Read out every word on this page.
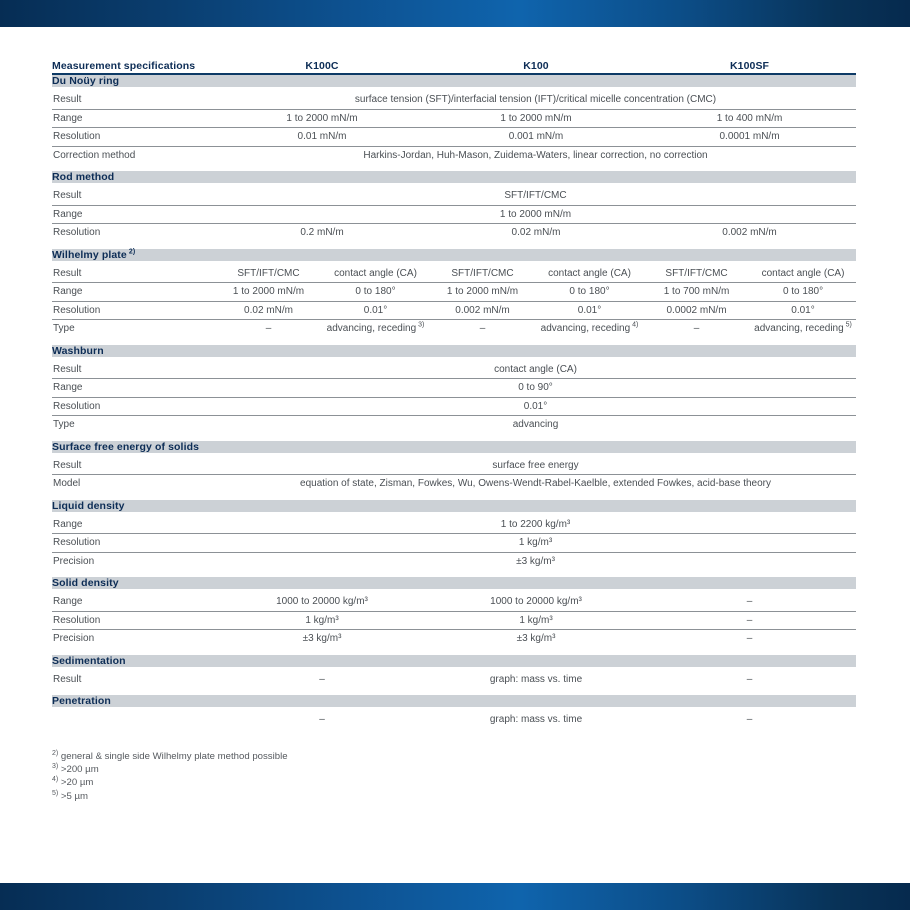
Measurement specifications	K100C		K100		K100SF	

Du Noüy ring						

Result	surface tension (SFT)/interfacial tension (IFT)/critical micelle concentration (CMC)					
Range	1 to 2000 mN/m		1 to 2000 mN/m		1 to 400 mN/m	
Resolution	0.01 mN/m		0.001 mN/m		0.0001 mN/m	
Correction method	Harkins-Jordan, Huh-Mason, Zuidema-Waters, linear correction, no correction					

Rod method						

Result	SFT/IFT/CMC					
Range	1 to 2000 mN/m					
Resolution	0.2 mN/m		0.02 mN/m		0.002 mN/m	

Wilhelmy plate $^{2)}$

Result	SFT/IFT/CMC	contact angle (CA)	SFT/IFT/CMC	contact angle (CA)	SFT/IFT/CMC	contact angle (CA)
Range	1 to 2000 mN/m	0 to 180°	1 to 2000 mN/m	0 to 180°	1 to 700 mN/m	0 to 180°
Resolution	0.02 mN/m	0.01°	0.002 mN/m	0.01°	0.0002 mN/m	0.01°
Type	–	advancing, receding $^{3)}$	–	advancing, receding $^{4)}$	–	advancing, receding $^{5)}$

Washburn						

Result	contact angle (CA)					
Range	0 to 90°					
Resolution	0.01°					
Type	advancing					

Surface free energy of solids						

Result	surface free energy					
Model	equation of state, Zisman, Fowkes, Wu, Owens-Wendt-Rabel-Kaelble, extended Fowkes, acid-base theory					

Liquid density						

Range	1 to 2200 kg/m³					
Resolution	1 kg/m³					
Precision	±3 kg/m³					

Solid density						

Range	1000 to 20000 kg/m³		1000 to 20000 kg/m³		–	
Resolution	1 kg/m³		1 kg/m³		–	
Precision	±3 kg/m³		±3 kg/m³		–	

Sedimentation						

Result	–		graph: mass vs. time		–	

Penetration						

	–		graph: mass vs. time		–	
$^{2)}$ general & single side Wilhelmy plate method possible
$^{3)}$ >200 µm
$^{4)}$ >20 µm
$^{5)}$ >5 µm
